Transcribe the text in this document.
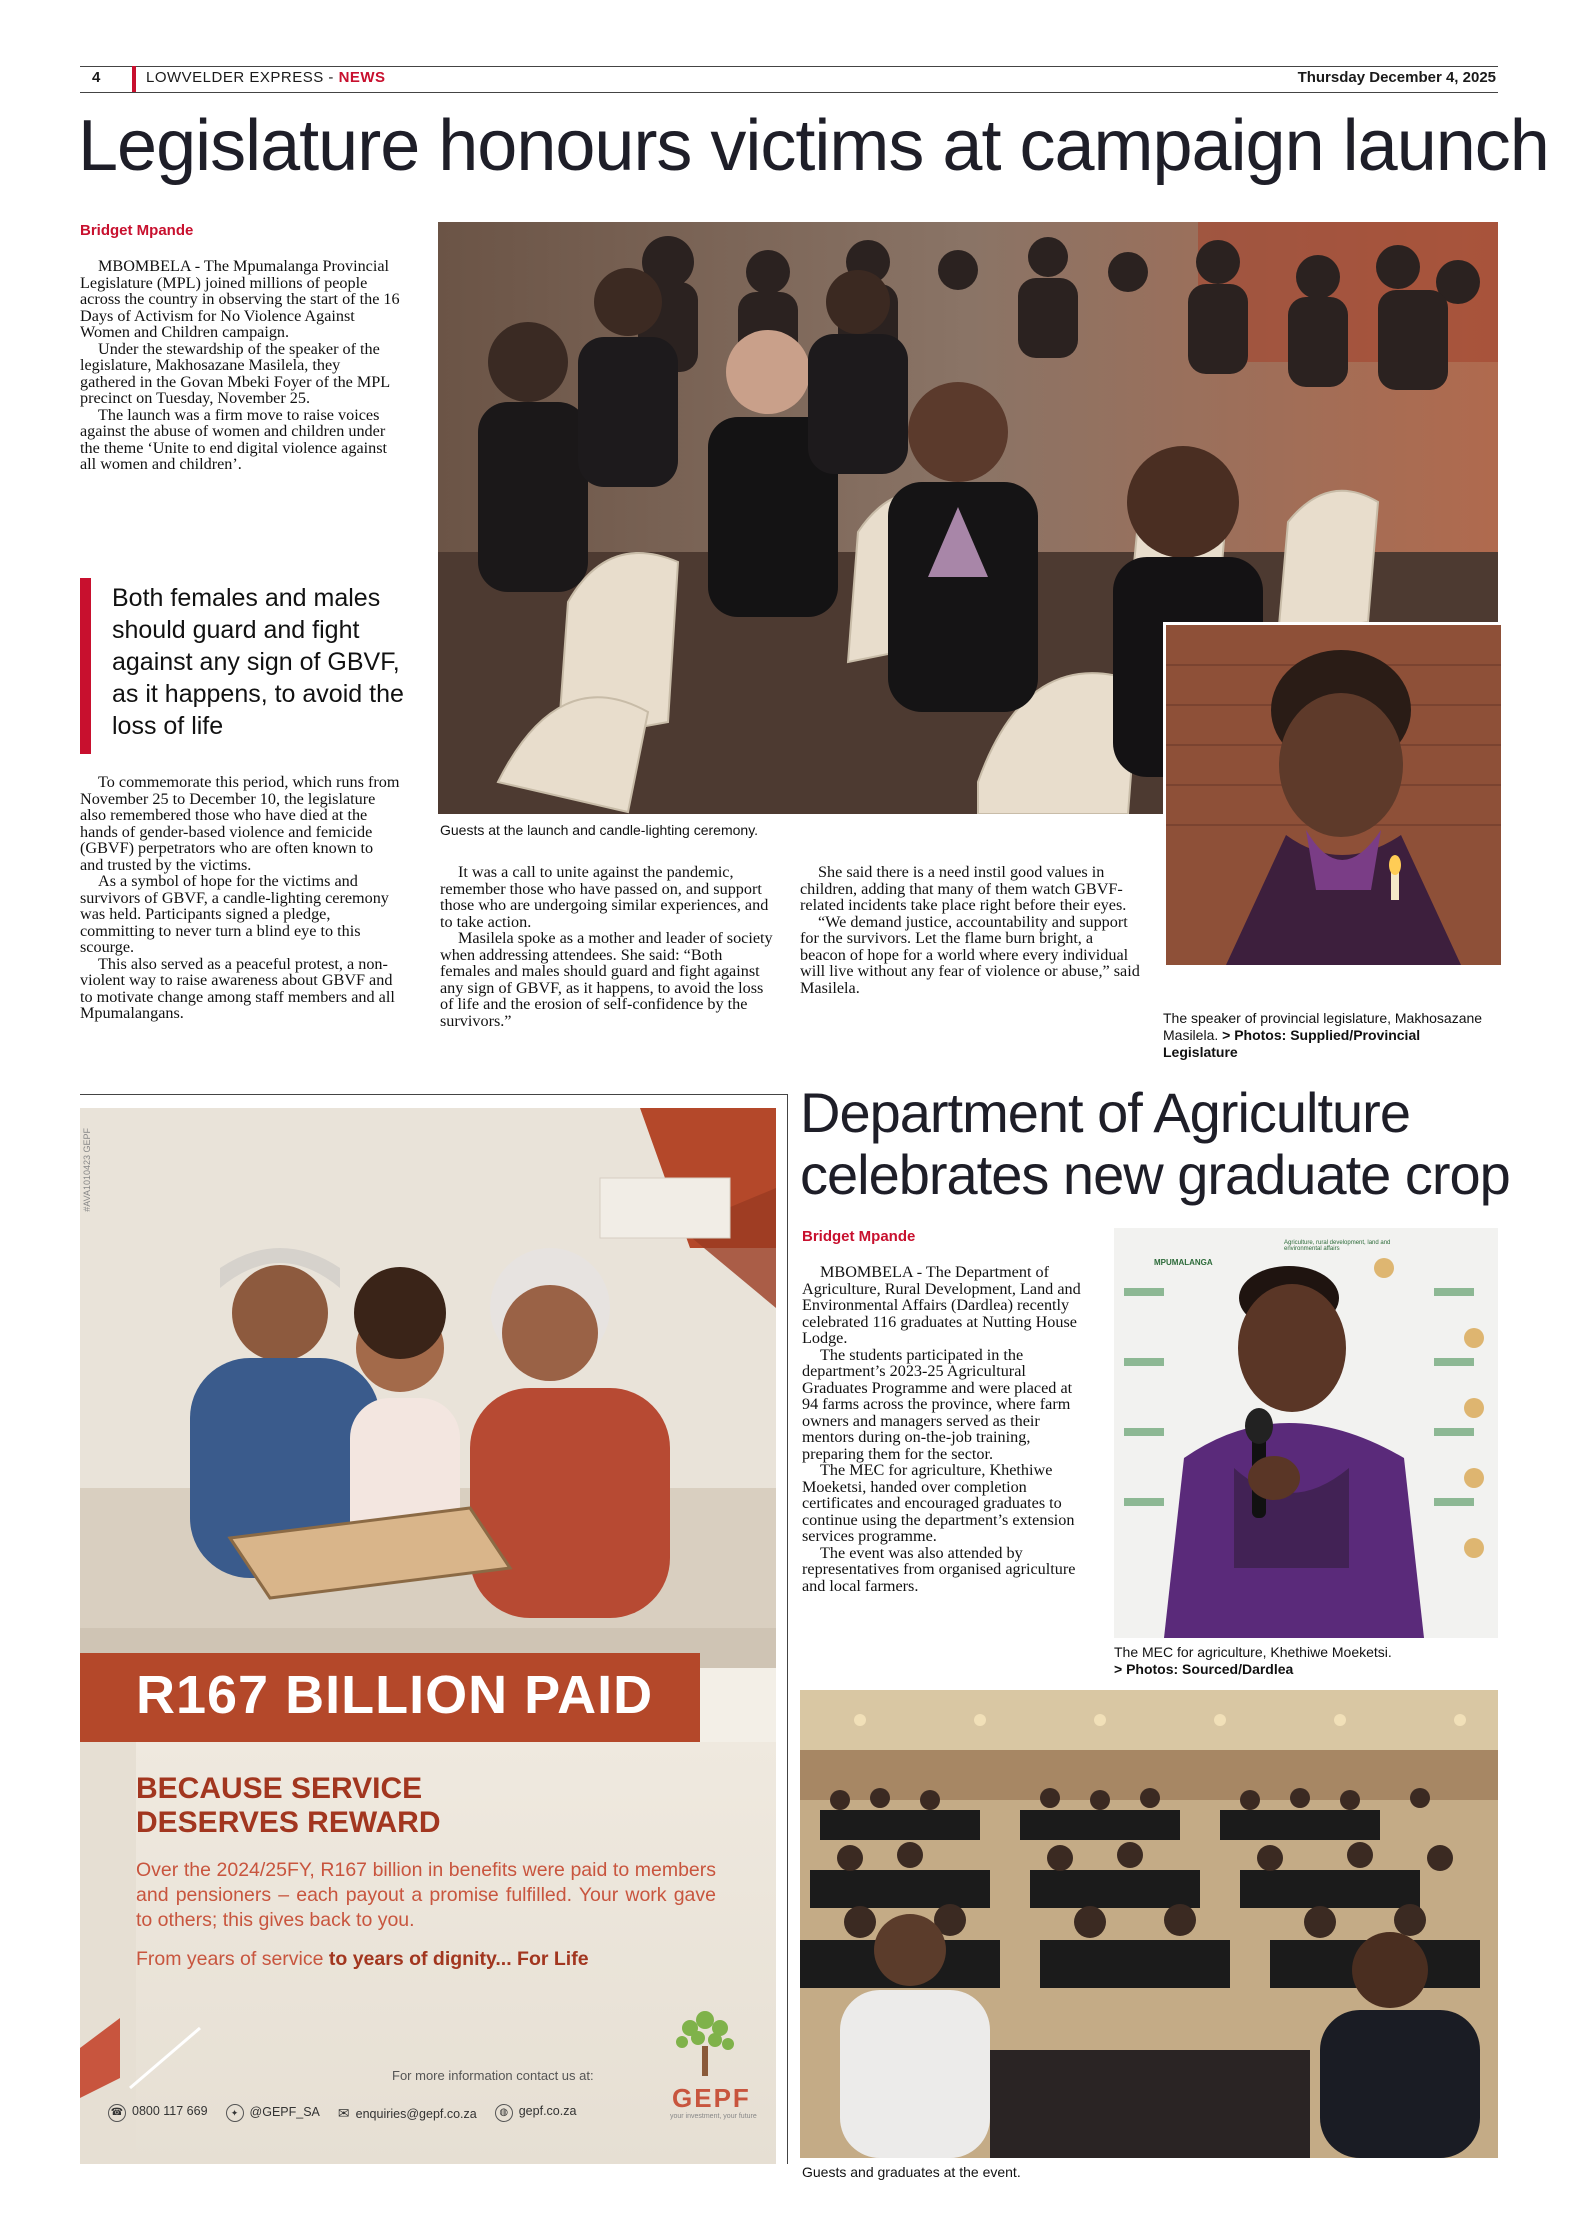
4	LOWVELDER EXPRESS - NEWS	Thursday December 4, 2025
Legislature honours victims at campaign launch
Bridget Mpande

MBOMBELA - The Mpumalanga Provincial Legislature (MPL) joined millions of people across the country in observing the start of the 16 Days of Activism for No Violence Against Women and Children campaign.

Under the stewardship of the speaker of the legislature, Makhosazane Masilela, they gathered in the Govan Mbeki Foyer of the MPL precinct on Tuesday, November 25.

The launch was a firm move to raise voices against the abuse of women and children under the theme ‘Unite to end digital violence against all women and children’.

Both females and males should guard and fight against any sign of GBVF, as it happens, to avoid the loss of life

To commemorate this period, which runs from November 25 to December 10, the legislature also remembered those who have died at the hands of gender-based violence and femicide (GBVF) perpetrators who are often known to and trusted by the victims.

As a symbol of hope for the victims and survivors of GBVF, a candle-lighting ceremony was held. Participants signed a pledge, committing to never turn a blind eye to this scourge.

This also served as a peaceful protest, a non-violent way to raise awareness about GBVF and to motivate change among staff members and all Mpumalangans.

Guests at the launch and candle-lighting ceremony.
The speaker of provincial legislature, Makhosazane Masilela. > Photos: Supplied/Provincial Legislature

It was a call to unite against the pandemic, remember those who have passed on, and support those who are undergoing similar experiences, and to take action.

Masilela spoke as a mother and leader of society when addressing attendees. She said: “Both females and males should guard and fight against any sign of GBVF, as it happens, to avoid the loss of life and the erosion of self-confidence by the survivors.”

She said there is a need instil good values in children, adding that many of them watch GBVF-related incidents take place right before their eyes.

“We demand justice, accountability and support for the survivors. Let the flame burn bright, a beacon of hope for a world where every individual will live without any fear of violence or abuse,” said Masilela.

#AVA1010423 GEPF
R167 BILLION PAID
BECAUSE SERVICE
DESERVES REWARD
Over the 2024/25FY, R167 billion in benefits were paid to members and pensioners – each payout a promise fulfilled. Your work gave to others; this gives back to you.
From years of service to years of dignity... For Life
GEPF
your investment, your future
For more information contact us at:
☎ 0800 117 669	✦ @GEPF_SA ✉ enquiries@gepf.co.za	◍ gepf.co.za
Department of Agriculture
celebrates new graduate crop
Bridget Mpande

MBOMBELA - The Department of Agriculture, Rural Development, Land and Environmental Affairs (Dardlea) recently celebrated 116 graduates at Nutting House Lodge.

The students participated in the department’s 2023-25 Agricultural Graduates Programme and were placed at 94 farms across the province, where farm owners and managers served as their mentors during on-the-job training, preparing them for the sector.

The MEC for agriculture, Khethiwe Moeketsi, handed over completion certificates and encouraged graduates to continue using the department’s extension services programme.

The event was also attended by representatives from organised agriculture and local farmers.

MPUMALANGA
Agriculture, rural development, land and environmental affairs
The MEC for agriculture, Khethiwe Moeketsi.
> Photos: Sourced/Dardlea
Guests and graduates at the event.
